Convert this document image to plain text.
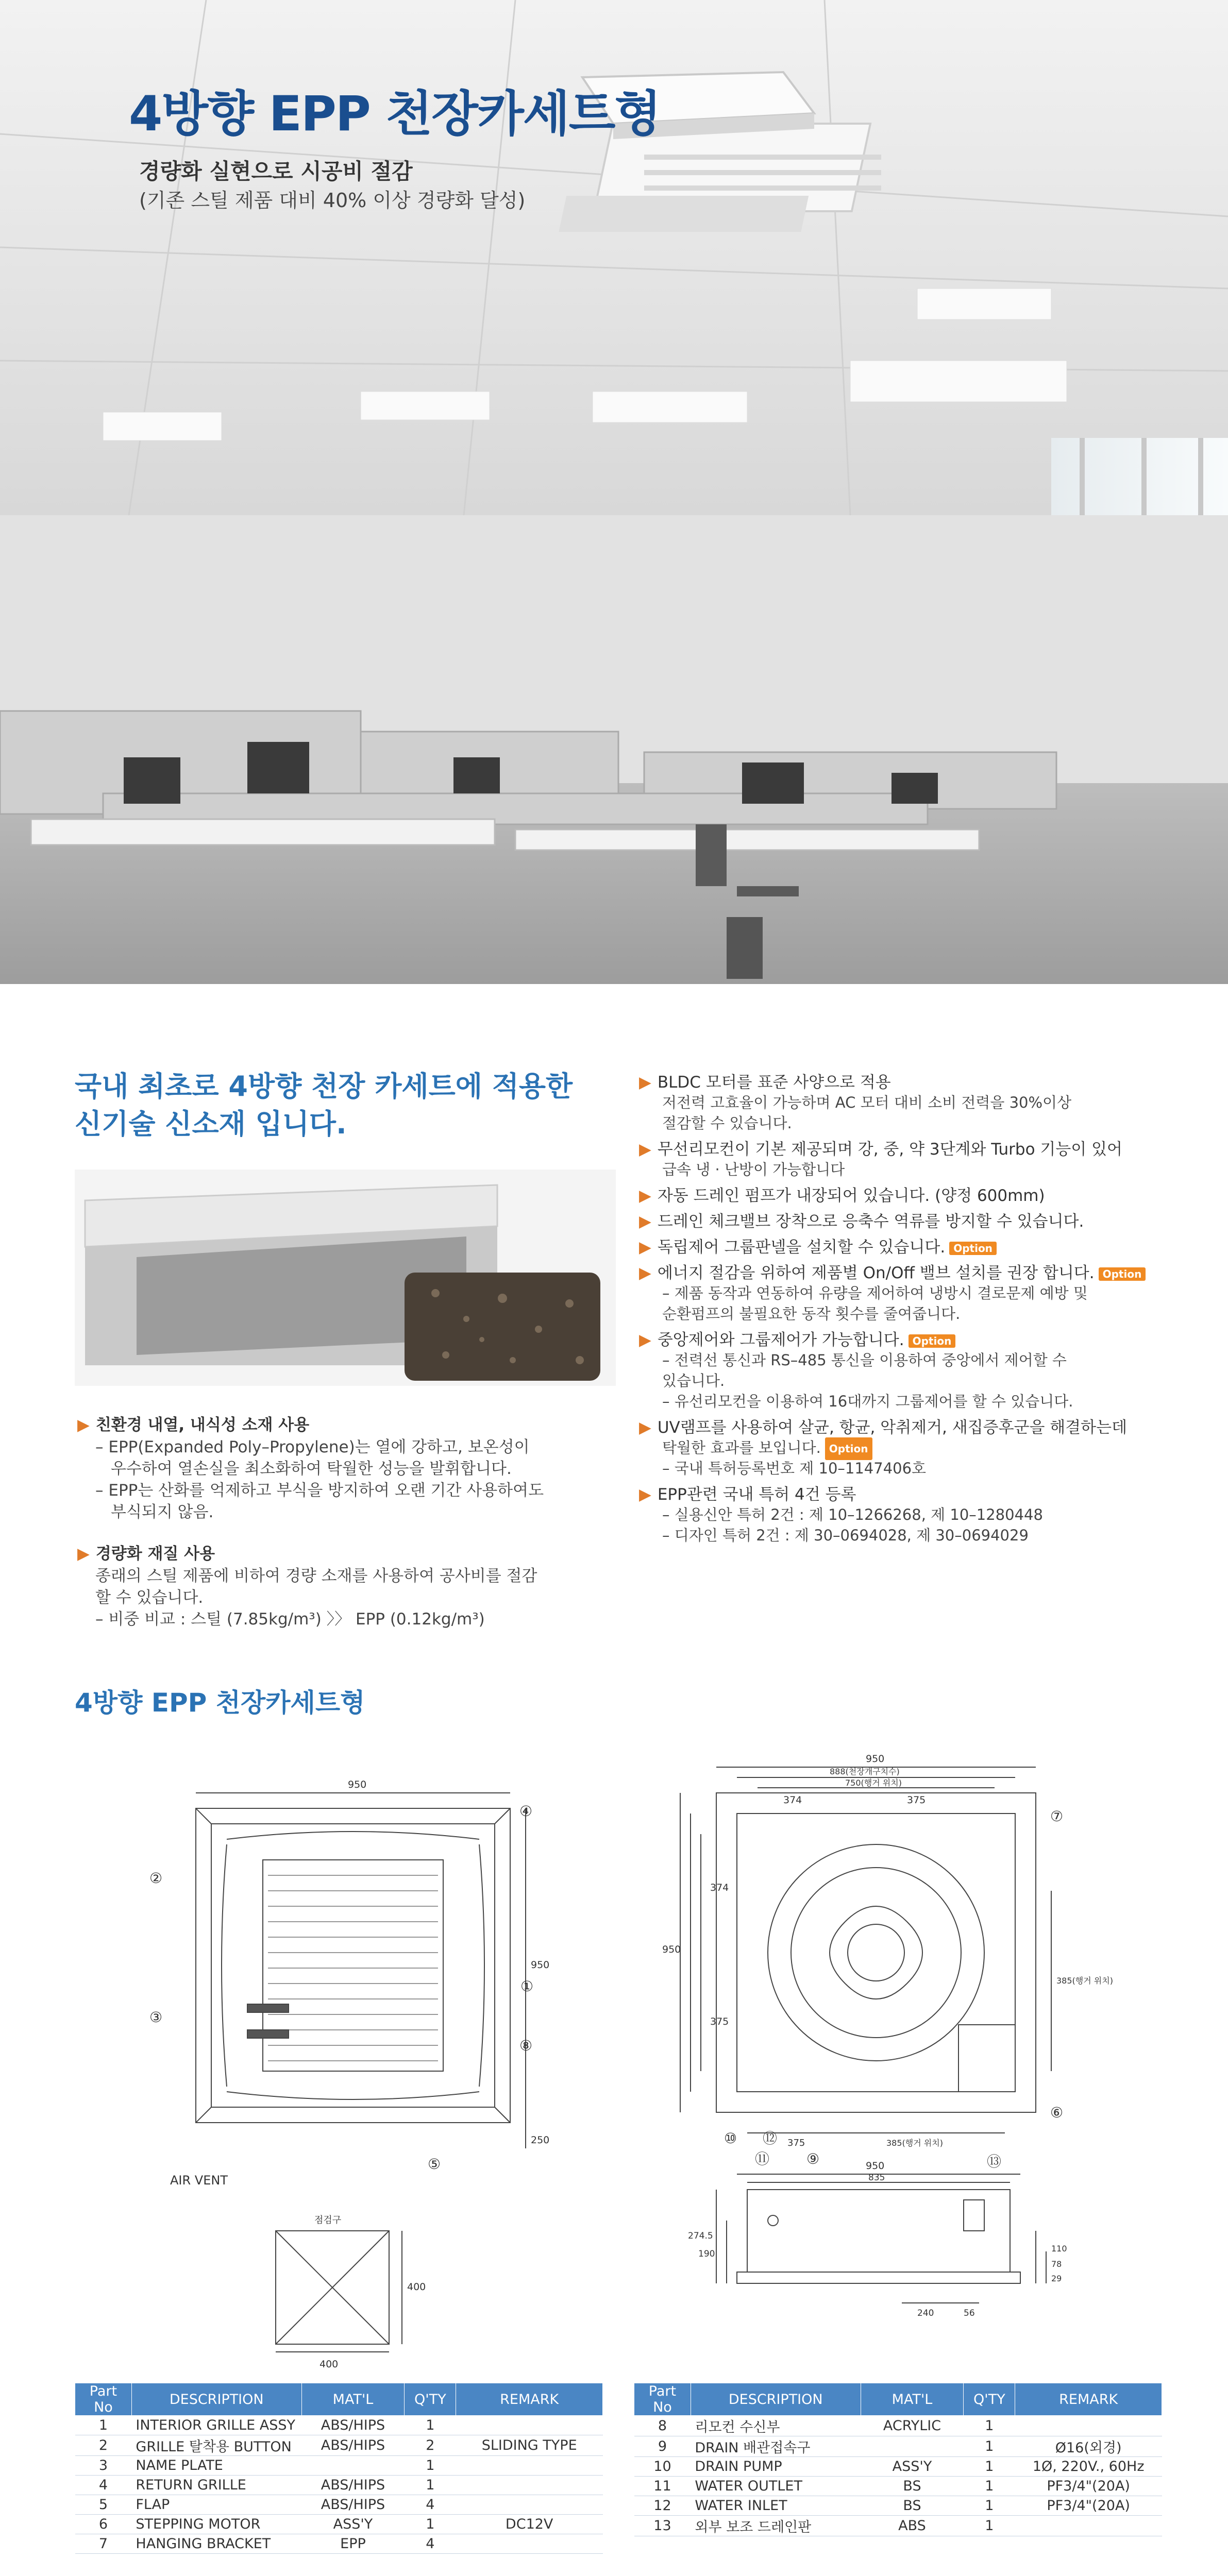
4방향 EPP 천장카세트형
경량화 실현으로 시공비 절감
(기존 스틸 제품 대비 40% 이상 경량화 달성)
국내 최초로 4방향 천장 카세트에 적용한
신기술 신소재 입니다.
4방향 EPP 천장카세트형
950
950
250
400
400
950
888(천장개구치수)
750(행거 위치)
374	375
374
375
950
375	385(행거 위치)
385(행거 위치)
950
835
274.5
190
240	56
110
78
29
AIR VENT
점검구
①
②
③
④
⑤
⑥
⑦
⑧
⑨
⑩
⑪
⑫
⑬
Part No	DESCRIPTION	MAT'L	Q'TY	REMARK
1	INTERIOR GRILLE ASSY	ABS/HIPS	1	
2	GRILLE 탈착용 BUTTON	ABS/HIPS	2	SLIDING TYPE
3	NAME PLATE		1	
4	RETURN GRILLE	ABS/HIPS	1	
5	FLAP	ABS/HIPS	4	
6	STEPPING MOTOR	ASS'Y	1	DC12V
7	HANGING BRACKET	EPP	4	
Part No	DESCRIPTION	MAT'L	Q'TY	REMARK
8	리모컨 수신부	ACRYLIC	1	
9	DRAIN 배관접속구		1	Ø16(외경)
10	DRAIN PUMP	ASS'Y	1	1Ø, 220V., 60Hz
11	WATER OUTLET	BS	1	PF3/4"(20A)
12	WATER INLET	BS	1	PF3/4"(20A)
13	외부 보조 드레인판	ABS	1	

▶ 친환경 내열, 내식성 소재 사용
– EPP(Expanded Poly–Propylene)는 열에 강하고, 보온성이
우수하여 열손실을 최소화하여 탁월한 성능을 발휘합니다.
– EPP는 산화를 억제하고 부식을 방지하여 오랜 기간 사용하여도
부식되지 않음.
▶ 경량화 재질 사용
종래의 스틸 제품에 비하여 경량 소재를 사용하여 공사비를 절감
할 수 있습니다.
– 비중 비교 : 스틸 (7.85kg/m³) 〉〉 EPP (0.12kg/m³)
▶ BLDC 모터를 표준 사양으로 적용
저전력 고효율이 가능하며 AC 모터 대비 소비 전력을 30%이상
절감할 수 있습니다.
▶ 무선리모컨이 기본 제공되며 강, 중, 약 3단계와 Turbo 기능이 있어
급속 냉 · 난방이 가능합니다
▶ 자동 드레인 펌프가 내장되어 있습니다. (양정 600mm)
▶ 드레인 체크밸브 장착으로 응축수 역류를 방지할 수 있습니다.
▶ 독립제어 그룹판넬을 설치할 수 있습니다. Option
▶ 에너지 절감을 위하여 제품별 On/Off 밸브 설치를 권장 합니다. Option
– 제품 동작과 연동하여 유량을 제어하여 냉방시 결로문제 예방 및
순환펌프의 불필요한 동작 횟수를 줄여줍니다.
▶ 중앙제어와 그룹제어가 가능합니다. Option
– 전력선 통신과 RS–485 통신을 이용하여 중앙에서 제어할 수
있습니다.
– 유선리모컨을 이용하여 16대까지 그룹제어를 할 수 있습니다.
▶ UV램프를 사용하여 살균, 항균, 악취제거, 새집증후군을 해결하는데
탁월한 효과를 보입니다. Option
– 국내 특허등록번호 제 10–1147406호
▶ EPP관련 국내 특허 4건 등록
– 실용신안 특허 2건 : 제 10–1266268, 제 10–1280448
– 디자인 특허 2건 : 제 30–0694028, 제 30–0694029
